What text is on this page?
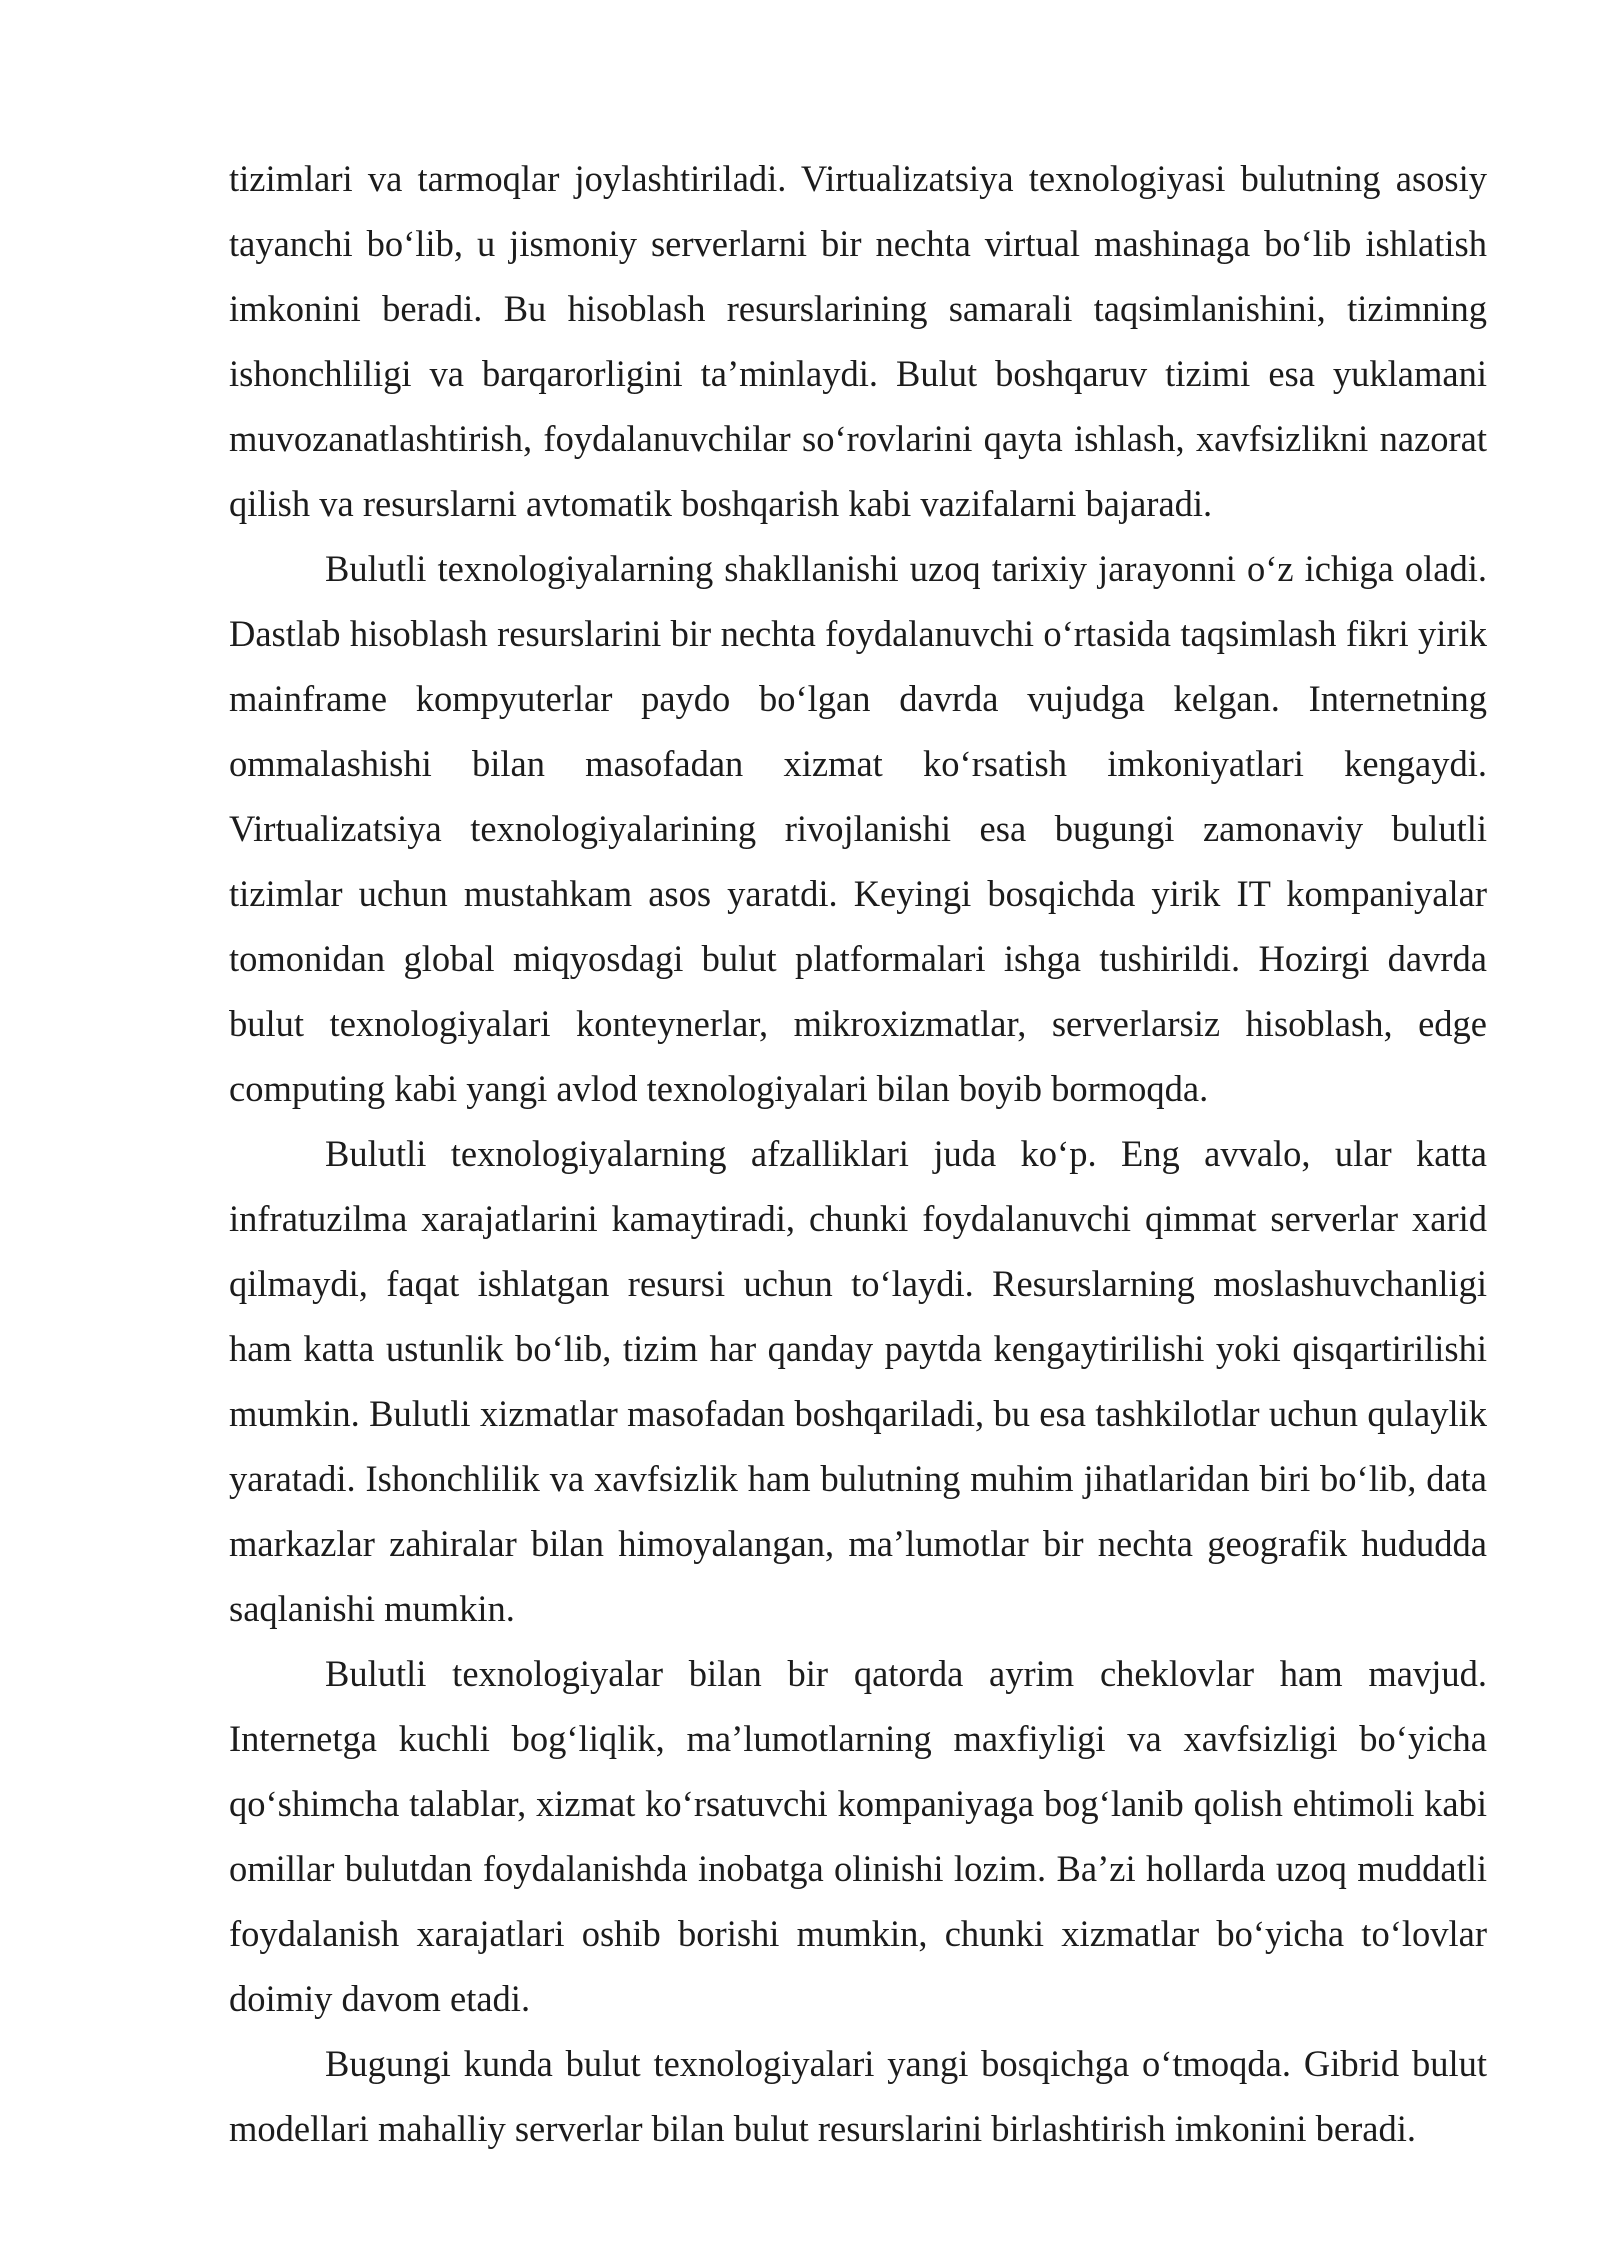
tizimlari va tarmoqlar joylashtiriladi. Virtualizatsiya texnologiyasi bulutning asosiy tayanchi bo‘lib, u jismoniy serverlarni bir nechta virtual mashinaga bo‘lib ishlatish imkonini beradi. Bu hisoblash resurslarining samarali taqsimlanishini, tizimning ishonchliligi va barqarorligini ta’minlaydi. Bulut boshqaruv tizimi esa yuklamani muvozanatlashtirish, foydalanuvchilar so‘rovlarini qayta ishlash, xavfsizlikni nazorat qilish va resurslarni avtomatik boshqarish kabi vazifalarni bajaradi.

Bulutli texnologiyalarning shakllanishi uzoq tarixiy jarayonni o‘z ichiga oladi. Dastlab hisoblash resurslarini bir nechta foydalanuvchi o‘rtasida taqsimlash fikri yirik mainframe kompyuterlar paydo bo‘lgan davrda vujudga kelgan. Internetning ommalashishi bilan masofadan xizmat ko‘rsatish imkoniyatlari kengaydi. Virtualizatsiya texnologiyalarining rivojlanishi esa bugungi zamonaviy bulutli tizimlar uchun mustahkam asos yaratdi. Keyingi bosqichda yirik IT kompaniyalar tomonidan global miqyosdagi bulut platformalari ishga tushirildi. Hozirgi davrda bulut texnologiyalari konteynerlar, mikroxizmatlar, serverlarsiz hisoblash, edge computing kabi yangi avlod texnologiyalari bilan boyib bormoqda.

Bulutli texnologiyalarning afzalliklari juda ko‘p. Eng avvalo, ular katta infratuzilma xarajatlarini kamaytiradi, chunki foydalanuvchi qimmat serverlar xarid qilmaydi, faqat ishlatgan resursi uchun to‘laydi. Resurslarning moslashuvchanligi ham katta ustunlik bo‘lib, tizim har qanday paytda kengaytirilishi yoki qisqartirilishi mumkin. Bulutli xizmatlar masofadan boshqariladi, bu esa tashkilotlar uchun qulaylik yaratadi. Ishonchlilik va xavfsizlik ham bulutning muhim jihatlaridan biri bo‘lib, data markazlar zahiralar bilan himoyalangan, ma’lumotlar bir nechta geografik hududda saqlanishi mumkin.

Bulutli texnologiyalar bilan bir qatorda ayrim cheklovlar ham mavjud. Internetga kuchli bog‘liqlik, ma’lumotlarning maxfiyligi va xavfsizligi bo‘yicha qo‘shimcha talablar, xizmat ko‘rsatuvchi kompaniyaga bog‘lanib qolish ehtimoli kabi omillar bulutdan foydalanishda inobatga olinishi lozim. Ba’zi hollarda uzoq muddatli foydalanish xarajatlari oshib borishi mumkin, chunki xizmatlar bo‘yicha to‘lovlar doimiy davom etadi.

Bugungi kunda bulut texnologiyalari yangi bosqichga o‘tmoqda. Gibrid bulut modellari mahalliy serverlar bilan bulut resurslarini birlashtirish imkonini beradi.
